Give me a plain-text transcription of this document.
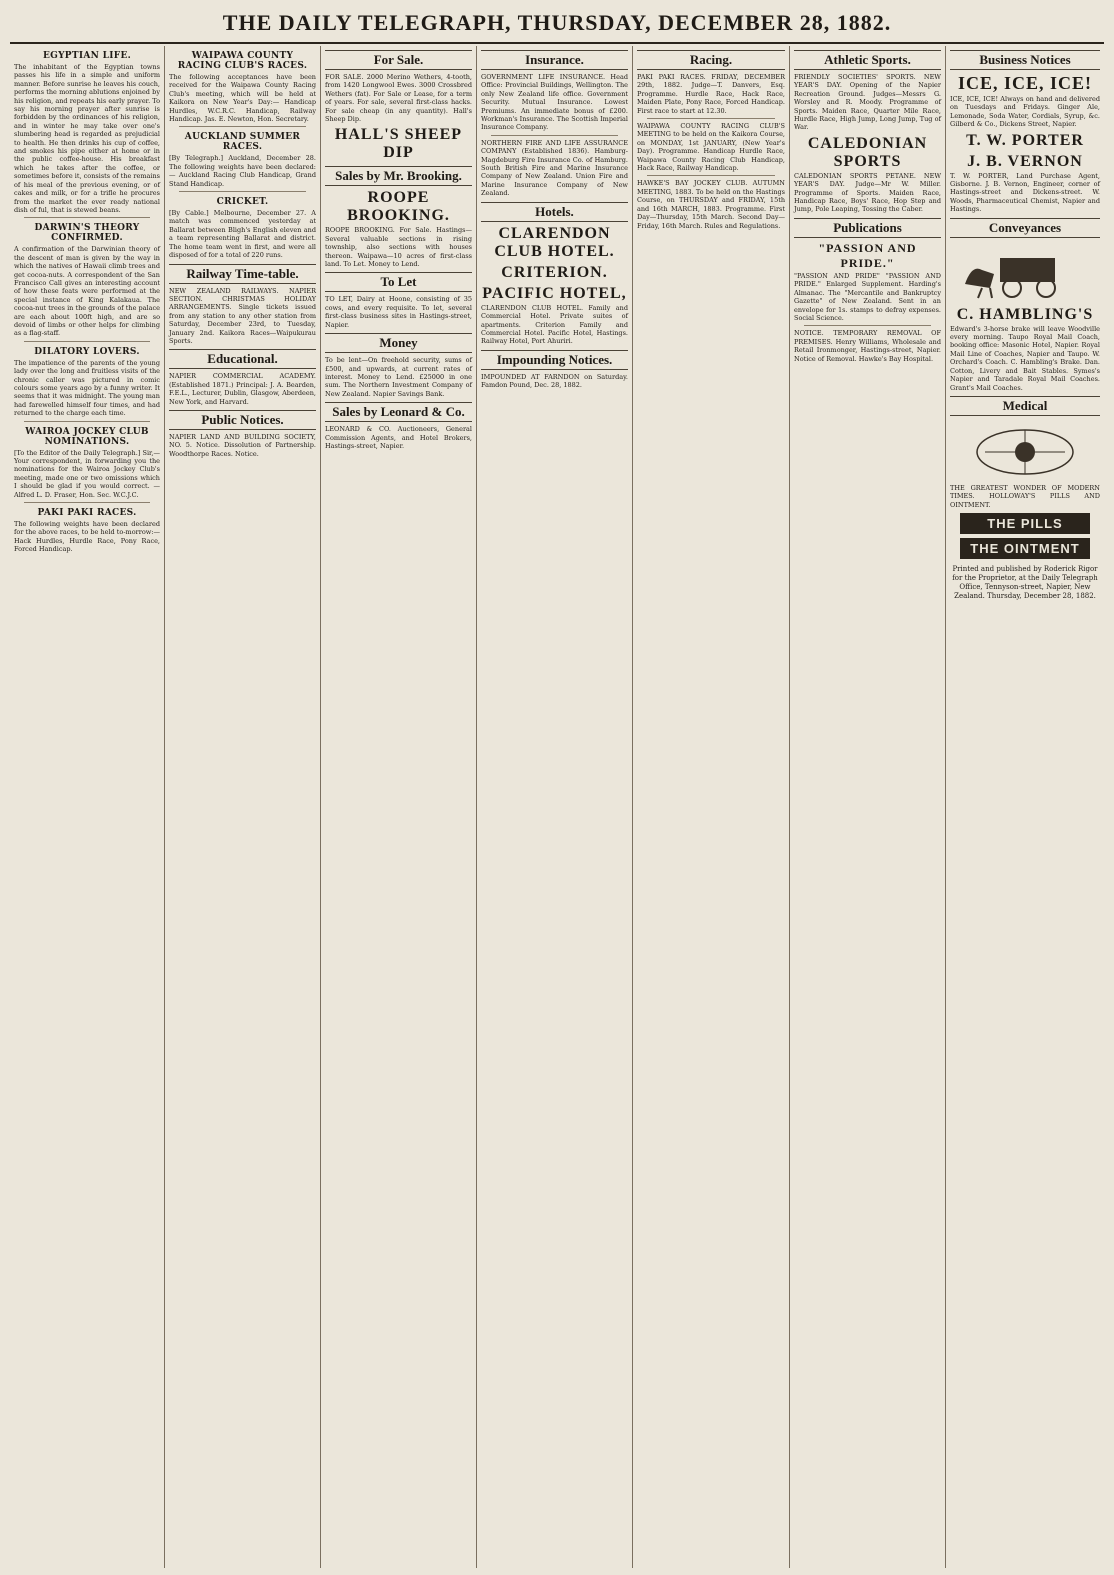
THE DAILY TELEGRAPH, THURSDAY, DECEMBER 28, 1882.
EGYPTIAN LIFE.

The inhabitant of the Egyptian towns passes his life in a simple and uniform manner. Before sunrise he leaves his couch, performs the morning ablutions enjoined by his religion, and repeats his early prayer. To say his morning prayer after sunrise is forbidden by the ordinances of his religion, and in winter he may take over one's slumbering head is regarded as prejudicial to health. He then drinks his cup of coffee, and smokes his pipe either at home or in the public coffee-house. His breakfast which he takes after the coffee, or sometimes before it, consists of the remains of his meal of the previous evening, or of cakes and milk, or for a trifle he procures from the market the ever ready national dish of ful, that is stewed beans.

DARWIN'S THEORY CONFIRMED.

A confirmation of the Darwinian theory of the descent of man is given by the way in which the natives of Hawaii climb trees and get cocoa-nuts. A correspondent of the San Francisco Call gives an interesting account of how these feats were performed at the special instance of King Kalakaua. The cocoa-nut trees in the grounds of the palace are each about 100ft high, and are so devoid of limbs or other helps for climbing as a flag-staff.

DILATORY LOVERS.

The impatience of the parents of the young lady over the long and fruitless visits of the chronic caller was pictured in comic colours some years ago by a funny writer. It seems that it was midnight. The young man had farewelled himself four times, and had returned to the charge each time.

WAIROA JOCKEY CLUB NOMINATIONS.

[To the Editor of the Daily Telegraph.] Sir,—Your correspondent, in forwarding you the nominations for the Wairoa Jockey Club's meeting, made one or two omissions which I should be glad if you would correct. — Alfred L. D. Fraser, Hon. Sec. W.C.J.C.

PAKI PAKI RACES.

The following weights have been declared for the above races, to be held to-morrow:— Hack Hurdles, Hurdle Race, Pony Race, Forced Handicap.

WAIPAWA COUNTY RACING CLUB'S RACES.

The following acceptances have been received for the Waipawa County Racing Club's meeting, which will be held at Kaikora on New Year's Day:— Handicap Hurdles, W.C.R.C. Handicap, Railway Handicap. Jas. E. Newton, Hon. Secretary.

AUCKLAND SUMMER RACES.

[By Telegraph.] Auckland, December 28. The following weights have been declared:— Auckland Racing Club Handicap, Grand Stand Handicap.

CRICKET.

[By Cable.] Melbourne, December 27. A match was commenced yesterday at Ballarat between Bligh's English eleven and a team representing Ballarat and district. The home team went in first, and were all disposed of for a total of 220 runs.

Railway Time-table.

NEW ZEALAND RAILWAYS. NAPIER SECTION. CHRISTMAS HOLIDAY ARRANGEMENTS. Single tickets issued from any station to any other station from Saturday, December 23rd, to Tuesday, January 2nd. Kaikora Races—Waipukurau Sports.

Educational.

NAPIER COMMERCIAL ACADEMY. (Established 1871.) Principal: J. A. Bearden, F.E.L., Lecturer, Dublin, Glasgow, Aberdeen, New York, and Harvard.

Public Notices.

NAPIER LAND AND BUILDING SOCIETY, NO. 5. Notice. Dissolution of Partnership. Woodthorpe Races. Notice.

For Sale.

FOR SALE. 2000 Merino Wethers, 4-tooth, from 1420 Longwool Ewes. 3000 Crossbred Wethers (fat). For Sale or Lease, for a term of years. For sale, several first-class hacks. For sale cheap (in any quantity). Hall's Sheep Dip.

HALL'S SHEEP DIP
Sales by Mr. Brooking.
ROOPE BROOKING.

ROOPE BROOKING. For Sale. Hastings—Several valuable sections in rising township, also sections with houses thereon. Waipawa—10 acres of first-class land. To Let. Money to Lend.

To Let

TO LET, Dairy at Hoone, consisting of 35 cows, and every requisite. To let, several first-class business sites in Hastings-street, Napier.

Money

To be lent—On freehold security, sums of £500, and upwards, at current rates of interest. Money to Lend. £25000 in one sum. The Northern Investment Company of New Zealand. Napier Savings Bank.

Sales by Leonard & Co.

LEONARD & CO. Auctioneers, General Commission Agents, and Hotel Brokers, Hastings-street, Napier.

Insurance.

GOVERNMENT LIFE INSURANCE. Head Office: Provincial Buildings, Wellington. The only New Zealand life office. Government Security. Mutual Insurance. Lowest Premiums. An immediate bonus of £200. Workman's Insurance. The Scottish Imperial Insurance Company.

NORTHERN FIRE AND LIFE ASSURANCE COMPANY (Established 1836). Hamburg-Magdeburg Fire Insurance Co. of Hamburg. South British Fire and Marine Insurance Company of New Zealand. Union Fire and Marine Insurance Company of New Zealand.

Hotels.
CLARENDON CLUB HOTEL.
CRITERION.
PACIFIC HOTEL,

CLARENDON CLUB HOTEL. Family and Commercial Hotel. Private suites of apartments. Criterion Family and Commercial Hotel. Pacific Hotel, Hastings. Railway Hotel, Port Ahuriri.

Impounding Notices.

IMPOUNDED AT FARNDON on Saturday. Famdon Pound, Dec. 28, 1882.

Racing.

PAKI PAKI RACES. FRIDAY, DECEMBER 29th, 1882. Judge—T. Danvers, Esq. Programme. Hurdle Race, Hack Race, Maiden Plate, Pony Race, Forced Handicap. First race to start at 12.30.

WAIPAWA COUNTY RACING CLUB'S MEETING to be held on the Kaikora Course, on MONDAY, 1st JANUARY, (New Year's Day). Programme. Handicap Hurdle Race, Waipawa County Racing Club Handicap, Hack Race, Railway Handicap.

HAWKE'S BAY JOCKEY CLUB. AUTUMN MEETING, 1883. To be held on the Hastings Course, on THURSDAY and FRIDAY, 15th and 16th MARCH, 1883. Programme. First Day—Thursday, 15th March. Second Day—Friday, 16th March. Rules and Regulations.

Athletic Sports.

FRIENDLY SOCIETIES' SPORTS. NEW YEAR'S DAY. Opening of the Napier Recreation Ground. Judges—Messrs G. Worsley and R. Moody. Programme of Sports. Maiden Race, Quarter Mile Race, Hurdle Race, High Jump, Long Jump, Tug of War.

CALEDONIAN SPORTS

CALEDONIAN SPORTS PETANE. NEW YEAR'S DAY. Judge—Mr W. Miller. Programme of Sports. Maiden Race, Handicap Race, Boys' Race, Hop Step and Jump, Pole Leaping, Tossing the Caber.

Publications
"PASSION AND PRIDE."

"PASSION AND PRIDE" "PASSION AND PRIDE." Enlarged Supplement. Harding's Almanac. The "Mercantile and Bankruptcy Gazette" of New Zealand. Sent in an envelope for 1s. stamps to defray expenses. Social Science.

NOTICE. TEMPORARY REMOVAL OF PREMISES. Henry Williams, Wholesale and Retail Ironmonger, Hastings-street, Napier. Notice of Removal. Hawke's Bay Hospital.

Business Notices
ICE, ICE, ICE!

ICE, ICE, ICE! Always on hand and delivered on Tuesdays and Fridays. Ginger Ale, Lemonade, Soda Water, Cordials, Syrup, &c. Gilberd & Co., Dickens Street, Napier.

T. W. PORTER
J. B. VERNON

T. W. PORTER, Land Purchase Agent, Gisborne. J. B. Vernon, Engineer, corner of Hastings-street and Dickens-street. W. Woods, Pharmaceutical Chemist, Napier and Hastings.

Conveyances
C. HAMBLING'S

Edward's 3-horse brake will leave Woodville every morning. Taupo Royal Mail Coach, booking office: Masonic Hotel, Napier. Royal Mail Line of Coaches, Napier and Taupo. W. Orchard's Coach. C. Hambling's Brake. Dan. Cotton, Livery and Bait Stables. Symes's Napier and Taradale Royal Mail Coaches. Grant's Mail Coaches.

Medical

THE GREATEST WONDER OF MODERN TIMES. HOLLOWAY'S PILLS AND OINTMENT.

THE PILLS
THE OINTMENT
Printed and published by Roderick Rigor for the Proprietor, at the Daily Telegraph Office, Tennyson-street, Napier, New Zealand. Thursday, December 28, 1882.
